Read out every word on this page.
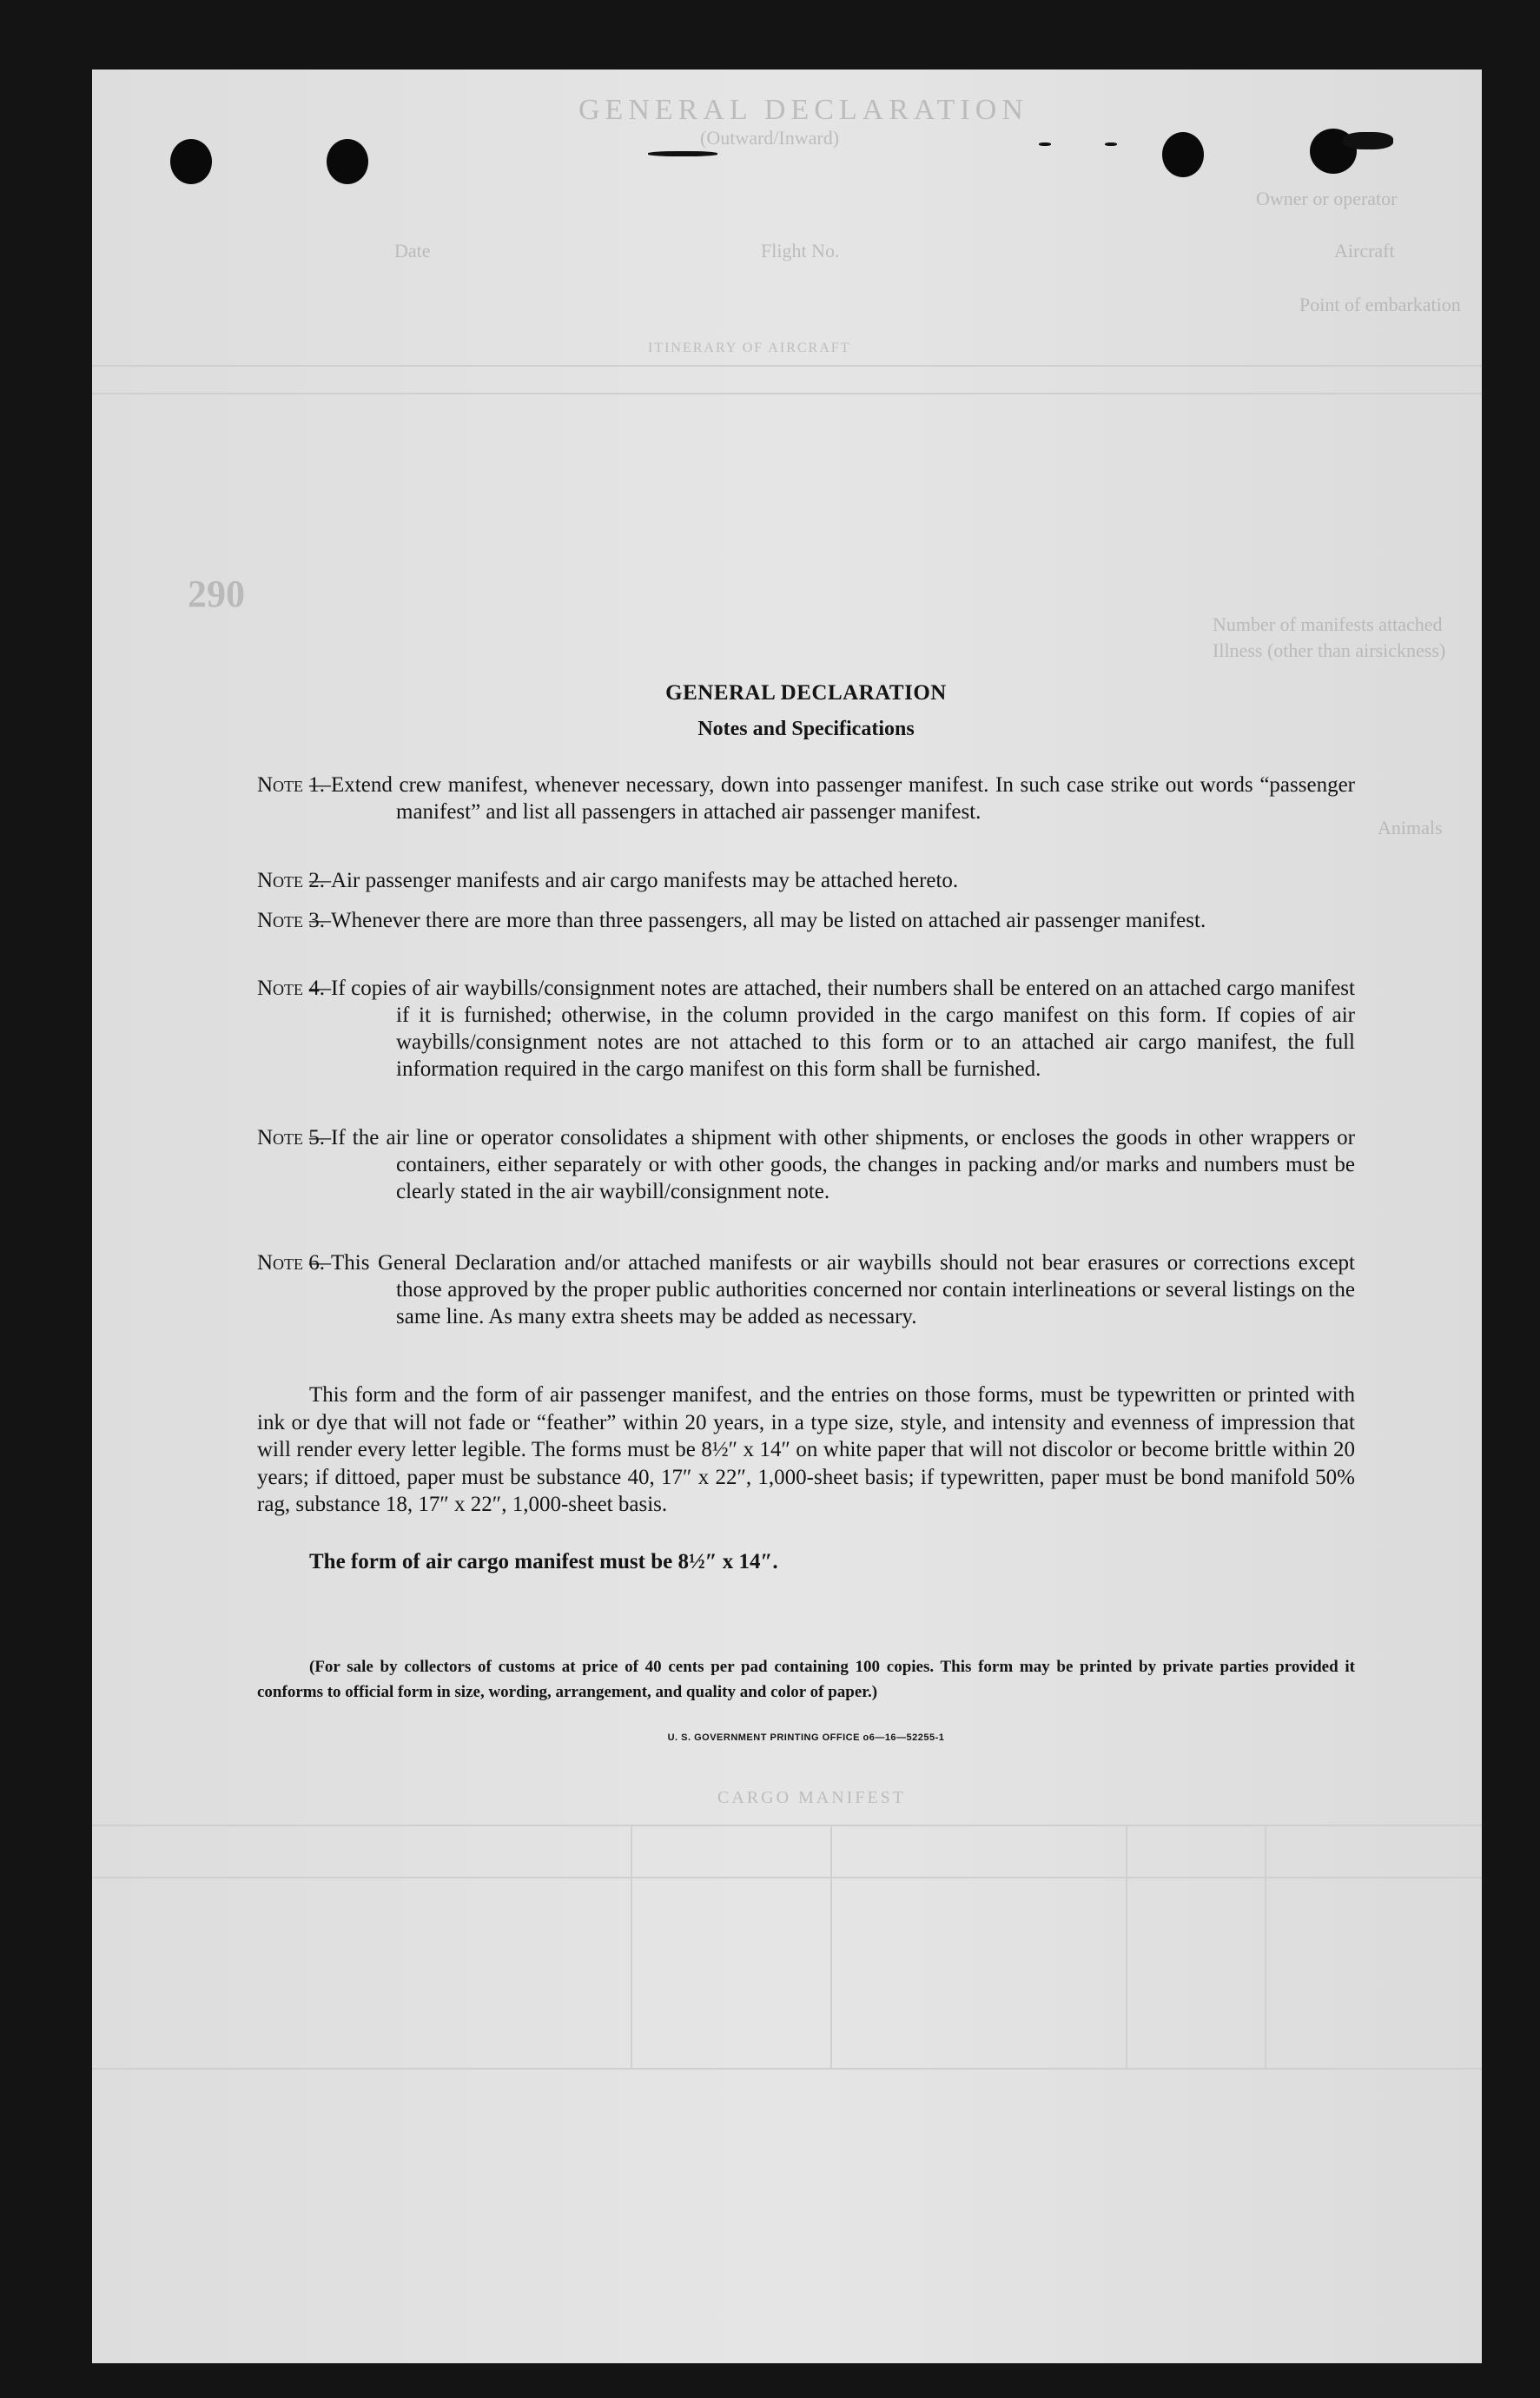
GENERAL DECLARATION
(Outward/Inward)
Owner or operator
Aircraft
Flight No.
Date
Point of embarkation
ITINERARY OF AIRCRAFT
290
Number of manifests attached
Illness (other than airsickness)
Animals
CARGO MANIFEST
GENERAL DECLARATION
Notes and Specifications
Note 1.
—Extend crew manifest, whenever necessary, down into passenger manifest. In such case strike out words “passenger manifest” and list all passengers in attached air passenger manifest.
Note 2.
—Air passenger manifests and air cargo manifests may be attached hereto.
Note 3.
—Whenever there are more than three passengers, all may be listed on attached air passenger manifest.
Note 4.
—If copies of air waybills/consignment notes are attached, their numbers shall be entered on an attached cargo manifest if it is furnished; otherwise, in the column provided in the cargo manifest on this form. If copies of air waybills/consignment notes are not attached to this form or to an attached air cargo manifest, the full information required in the cargo manifest on this form shall be furnished.
Note 5.
—If the air line or operator consolidates a shipment with other shipments, or encloses the goods in other wrappers or containers, either separately or with other goods, the changes in packing and/or marks and numbers must be clearly stated in the air waybill/consignment note.
Note 6.
—This General Declaration and/or attached manifests or air waybills should not bear erasures or corrections except those approved by the proper public authorities concerned nor contain interlineations or several listings on the same line. As many extra sheets may be added as necessary.
This form and the form of air passenger manifest, and the entries on those forms, must be typewritten or printed with ink or dye that will not fade or “feather” within 20 years, in a type size, style, and intensity and evenness of impression that will render every letter legible. The forms must be 8½″ x 14″ on white paper that will not discolor or become brittle within 20 years; if dittoed, paper must be substance 40, 17″ x 22″, 1,000-sheet basis; if typewritten, paper must be bond manifold 50% rag, substance 18, 17″ x 22″, 1,000-sheet basis.
The form of air cargo manifest must be 8½″ x 14″.
(For sale by collectors of customs at price of 40 cents per pad containing 100 copies. This form may be printed by private parties provided it conforms to official form in size, wording, arrangement, and quality and color of paper.)
U. S. GOVERNMENT PRINTING OFFICE o6—16—52255-1
